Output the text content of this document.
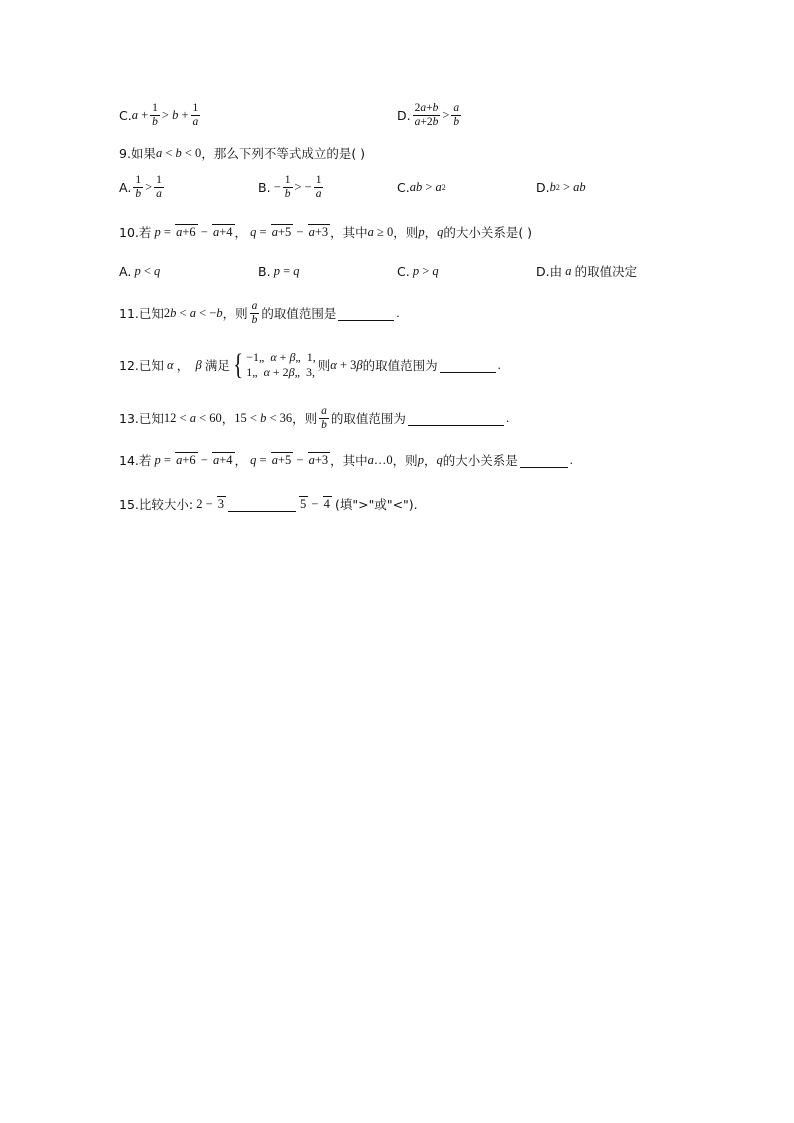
C. $a + \frac{1}{b} > b + \frac{1}{a}$	D. $\frac{2a+b}{a+2b} > \frac{a}{b}$
9.如果 a < b < 0 ，那么下列不等式成立的是( )
A. $\frac{1}{b} > \frac{1}{a}$	B. − $\frac{1}{b}$ > − $\frac{1}{a}$	C. ab > a 2	D. b 2 > ab
10.若
p = a+6 − a+4 ，
q = a+5 − a+3 ，其中 a ≥ 0 ，则 p ， q 的大小关系是( )
A.
p < q	B.
p = q	C.
p > q	D.由
a
的取值决定
11.已知 2 b < a < − b ，则 $\frac{a}{b}$ 的取值范围是	.
12.已知
α ， β
满足 { −1„  α + β„  1,
1„  α + 2β„  3, 则 α + 3 β 的取值范围为	.
13.已知 12 < a < 60 ， 15 < b < 36 ，则 $\frac{a}{b}$ 的取值范围为	.
14.若
p = a+6 − a+4 ，
q = a+5 − a+3 ，其中 a …0 ，则 p ， q 的大小关系是	.
15.比较大小: 2 − 3	5 − 4
(填">"或"<").
